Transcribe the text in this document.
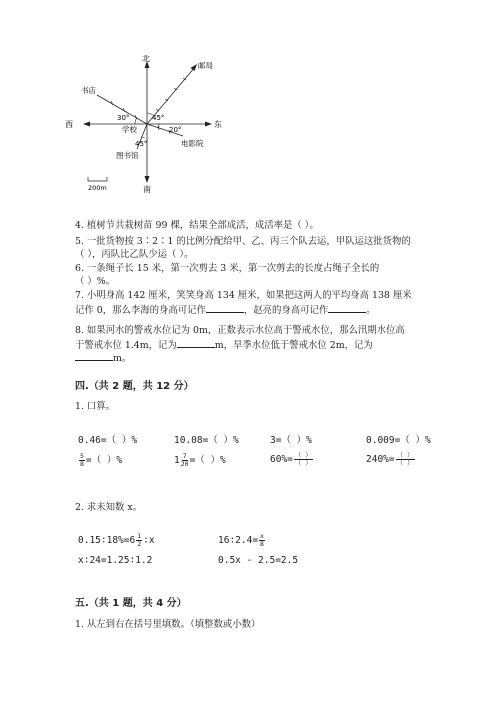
北
南
东
西
邮局
书店
学校
图书馆
电影院
45°
30°
20°
45°
200m
4. 植树节共栽树苗 99 棵，结果全部成活，成活率是（ ）。
5. 一批货物按 3∶2∶1 的比例分配给甲、乙、丙三个队去运，甲队运这批货物的
（ ），丙队比乙队少运（ ）。
6. 一条绳子长 15 米，第一次剪去 3 米，第一次剪去的长度占绳子全长的
（ ）%。
7. 小明身高 142 厘米，笑笑身高 134 厘米，如果把这两人的平均身高 138 厘米
记作 0，那么李海的身高可记作	，赵亮的身高可记作	。
8. 如果河水的警戒水位记为 0m，正数表示水位高于警戒水位，那么汛期水位高
于警戒水位 1.4m，记为	m，旱季水位低于警戒水位 2m，记为
m。
四.（共 2 题，共 12 分）
1. 口算。
0.46=（ ）%	10.08=（ ）%	3=（ ）%	0.009=（ ）%
$\frac{5}{8}$ =（ ）%	$1 \frac{7}{20}$ =（ ）%	$60\%= \frac{( )}{( )}$	$240\%= \frac{( )}{( )}$
2. 求未知数 x。
0.15∶18%=6 $\frac{1}{2}$ ∶x	16∶2.4= $\frac{x}{8}$
x∶24=1.25∶1.2	0.5x - 2.5=2.5
五.（共 1 题，共 4 分）
1. 从左到右在括号里填数。（填整数或小数）
